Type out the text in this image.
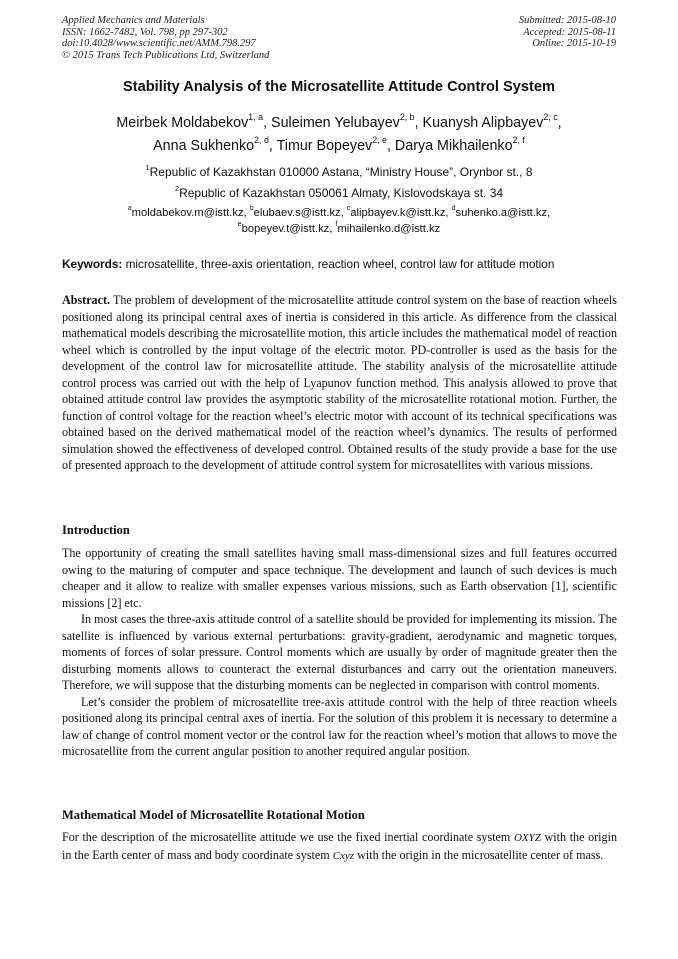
Applied Mechanics and Materials
ISSN: 1662-7482, Vol. 798, pp 297-302
doi:10.4028/www.scientific.net/AMM.798.297
© 2015 Trans Tech Publications Ltd, Switzerland
Submitted: 2015-08-10
Accepted: 2015-08-11
Online: 2015-10-19
Stability Analysis of the Microsatellite Attitude Control System
Meirbek Moldabekov$^{1, a}$, Suleimen Yelubayev$^{2, b}$, Kuanysh Alipbayev$^{2, c}$,
Anna Sukhenko$^{2, d}$, Timur Bopeyev$^{2, e}$, Darya Mikhailenko$^{2, f}$
$^1$Republic of Kazakhstan 010000 Astana, “Ministry House”, Orynbor st., 8
$^2$Republic of Kazakhstan 050061 Almaty, Kislovodskaya st. 34
$^a$moldabekov.m@istt.kz, $^b$elubaev.s@istt.kz, $^c$alipbayev.k@istt.kz, $^d$suhenko.a@istt.kz,
$^e$bopeyev.t@istt.kz, $^f$mihailenko.d@istt.kz
Keywords: microsatellite, three-axis orientation, reaction wheel, control law for attitude motion
Abstract. The problem of development of the microsatellite attitude control system on the base of reaction wheels positioned along its principal central axes of inertia is considered in this article. As difference from the classical mathematical models describing the microsatellite motion, this article includes the mathematical model of reaction wheel which is controlled by the input voltage of the electric motor. PD-controller is used as the basis for the development of the control law for microsatellite attitude. The stability analysis of the microsatellite attitude control process was carried out with the help of Lyapunov function method. This analysis allowed to prove that obtained attitude control law provides the asymptotic stability of the microsatellite rotational motion. Further, the function of control voltage for the reaction wheel’s electric motor with account of its technical specifications was obtained based on the derived mathematical model of the reaction wheel’s dynamics. The results of performed simulation showed the effectiveness of developed control. Obtained results of the study provide a base for the use of presented approach to the development of attitude control system for microsatellites with various missions.
Introduction

The opportunity of creating the small satellites having small mass-dimensional sizes and full features occurred owing to the maturing of computer and space technique. The development and launch of such devices is much cheaper and it allow to realize with smaller expenses various missions, such as Earth observation [1], scientific missions [2] etc.

In most cases the three-axis attitude control of a satellite should be provided for implementing its mission. The satellite is influenced by various external perturbations: gravity-gradient, aerodynamic and magnetic torques, moments of forces of solar pressure. Control moments which are usually by order of magnitude greater then the disturbing moments allows to counteract the external disturbances and carry out the orientation maneuvers. Therefore, we will suppose that the disturbing moments can be neglected in comparison with control moments.

Let’s consider the problem of microsatellite tree-axis attitude control with the help of three reaction wheels positioned along its principal central axes of inertia. For the solution of this problem it is necessary to determine a law of change of control moment vector or the control law for the reaction wheel’s motion that allows to move the microsatellite from the current angular position to another required angular position.

Mathematical Model of Microsatellite Rotational Motion

For the description of the microsatellite attitude we use the fixed inertial coordinate system OXYZ with the origin in the Earth center of mass and body coordinate system Cxyz with the origin in the microsatellite center of mass.
